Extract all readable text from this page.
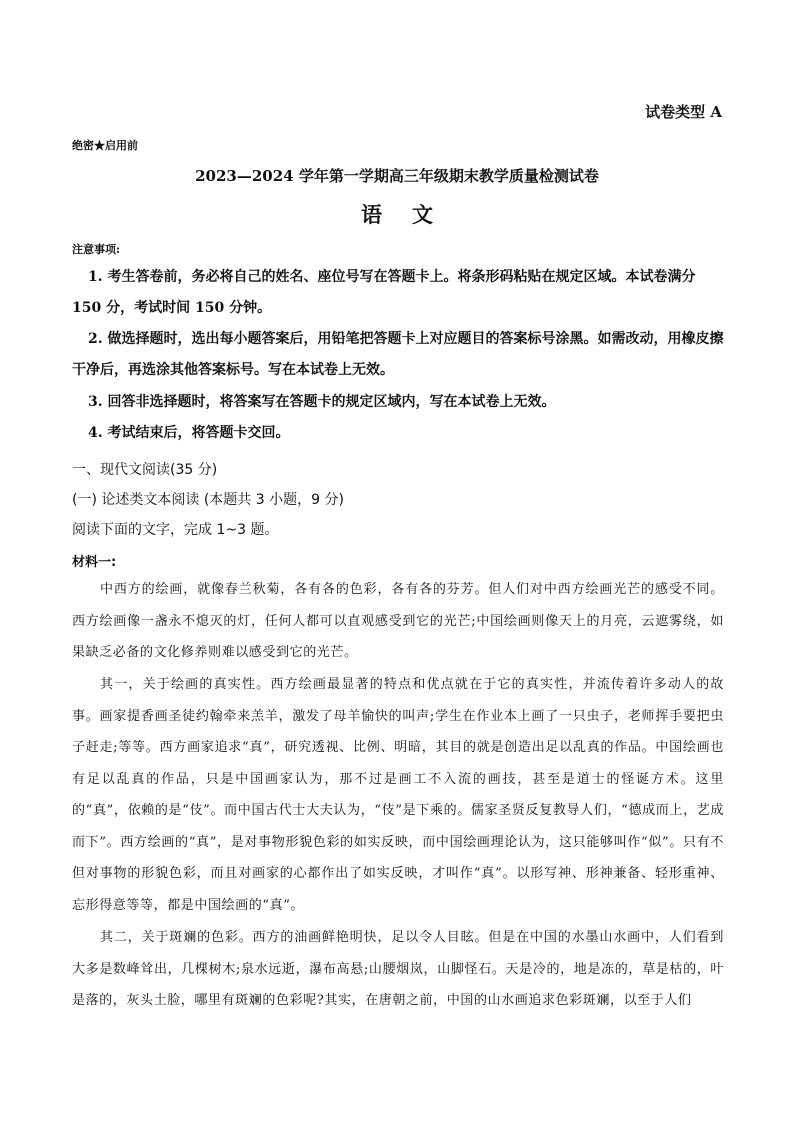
试卷类型 A
绝密★启用前
2023—2024 学年第一学期高三年级期末教学质量检测试卷
语文
注意事项:
1. 考生答卷前，务必将自己的姓名、座位号写在答题卡上。将条形码粘贴在规定区域。本试卷满分 150 分，考试时间 150 分钟。
2. 做选择题时，选出每小题答案后，用铅笔把答题卡上对应题目的答案标号涂黑。如需改动，用橡皮擦干净后，再选涂其他答案标号。写在本试卷上无效。
3. 回答非选择题时，将答案写在答题卡的规定区域内，写在本试卷上无效。
4. 考试结束后，将答题卡交回。
一、现代文阅读(35 分)
(一) 论述类文本阅读 (本题共 3 小题，9 分)
阅读下面的文字，完成 1~3 题。
材料一:
中西方的绘画，就像春兰秋菊，各有各的色彩，各有各的芬芳。但人们对中西方绘画光芒的感受不同。西方绘画像一盏永不熄灭的灯，任何人都可以直观感受到它的光芒;中国绘画则像天上的月亮，云遮雾绕，如果缺乏必备的文化修养则难以感受到它的光芒。
其一，关于绘画的真实性。西方绘画最显著的特点和优点就在于它的真实性，并流传着许多动人的故事。画家提香画圣徒约翰牵来羔羊，激发了母羊愉快的叫声;学生在作业本上画了一只虫子，老师挥手要把虫子赶走;等等。西方画家追求“真”，研究透视、比例、明暗，其目的就是创造出足以乱真的作品。中国绘画也有足以乱真的作品，只是中国画家认为，那不过是画工不入流的画技，甚至是道士的怪诞方术。这里的“真”，依赖的是“伎”。而中国古代士大夫认为，“伎”是下乘的。儒家圣贤反复教导人们，“德成而上，艺成而下”。西方绘画的“真”，是对事物形貌色彩的如实反映，而中国绘画理论认为，这只能够叫作“似”。只有不但对事物的形貌色彩，而且对画家的心都作出了如实反映，才叫作“真”。以形写神、形神兼备、轻形重神、忘形得意等等，都是中国绘画的“真”。
其二，关于斑斓的色彩。西方的油画鲜艳明快，足以令人目眩。但是在中国的水墨山水画中，人们看到大多是数峰耸出，几棵树木;泉水远逝，瀑布高悬;山腰烟岚，山脚怪石。天是冷的，地是冻的，草是枯的，叶是落的，灰头土脸，哪里有斑斓的色彩呢?其实，在唐朝之前，中国的山水画追求色彩斑斓，以至于人们
